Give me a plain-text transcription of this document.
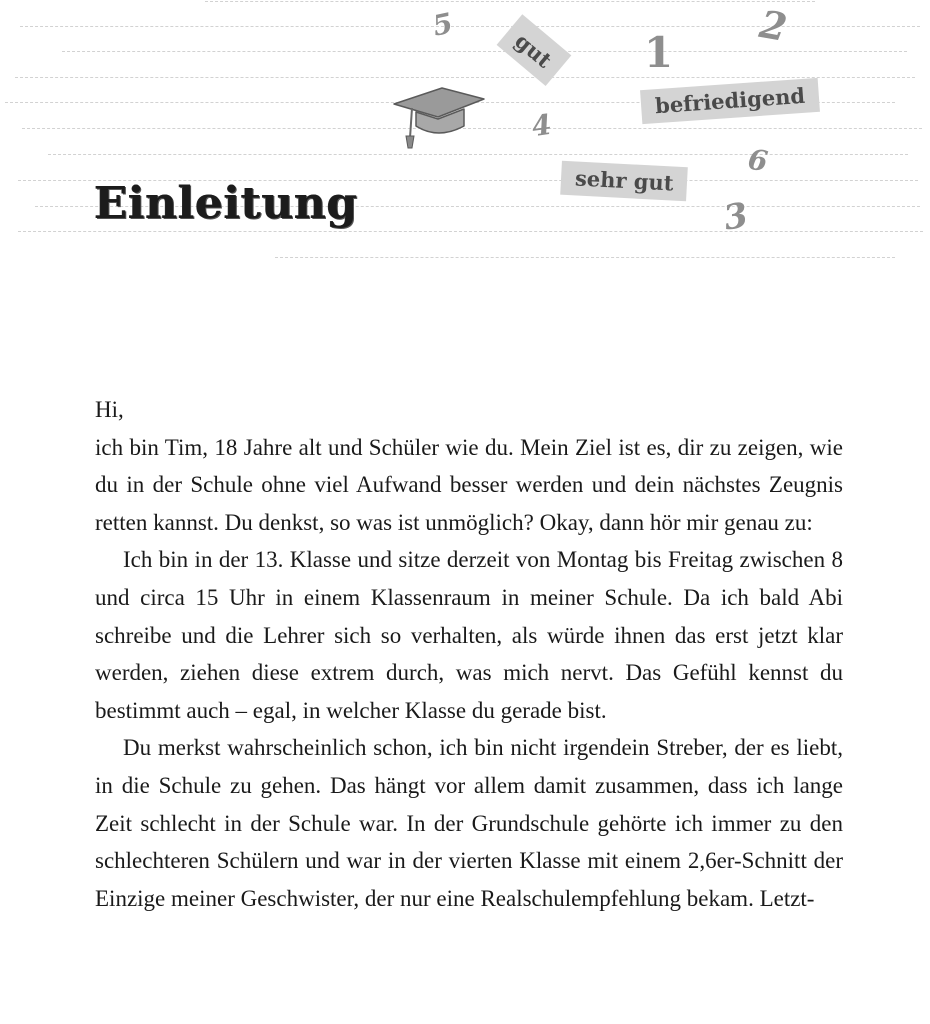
gut
befriedigend
sehr gut
5	2
1
4
6
3
Einleitung

Hi,

ich bin Tim, 18 Jahre alt und Schüler wie du. Mein Ziel ist es, dir zu zeigen, wie du in der Schule ohne viel Aufwand besser werden und dein nächstes Zeugnis retten kannst. Du denkst, so was ist unmöglich? Okay, dann hör mir genau zu:

Ich bin in der 13. Klasse und sitze derzeit von Montag bis Freitag zwischen 8 und circa 15 Uhr in einem Klassenraum in meiner Schule. Da ich bald Abi schreibe und die Lehrer sich so verhalten, als würde ihnen das erst jetzt klar werden, ziehen diese extrem durch, was mich nervt. Das Gefühl kennst du bestimmt auch – egal, in welcher Klasse du gerade bist.

Du merkst wahrscheinlich schon, ich bin nicht irgendein Streber, der es liebt, in die Schule zu gehen. Das hängt vor allem damit zusammen, dass ich lange Zeit schlecht in der Schule war. In der Grundschule gehörte ich immer zu den schlechteren Schülern und war in der vierten Klasse mit einem 2,6er-Schnitt der Einzige meiner Geschwister, der nur eine Realschulempfehlung bekam. Letzt-
